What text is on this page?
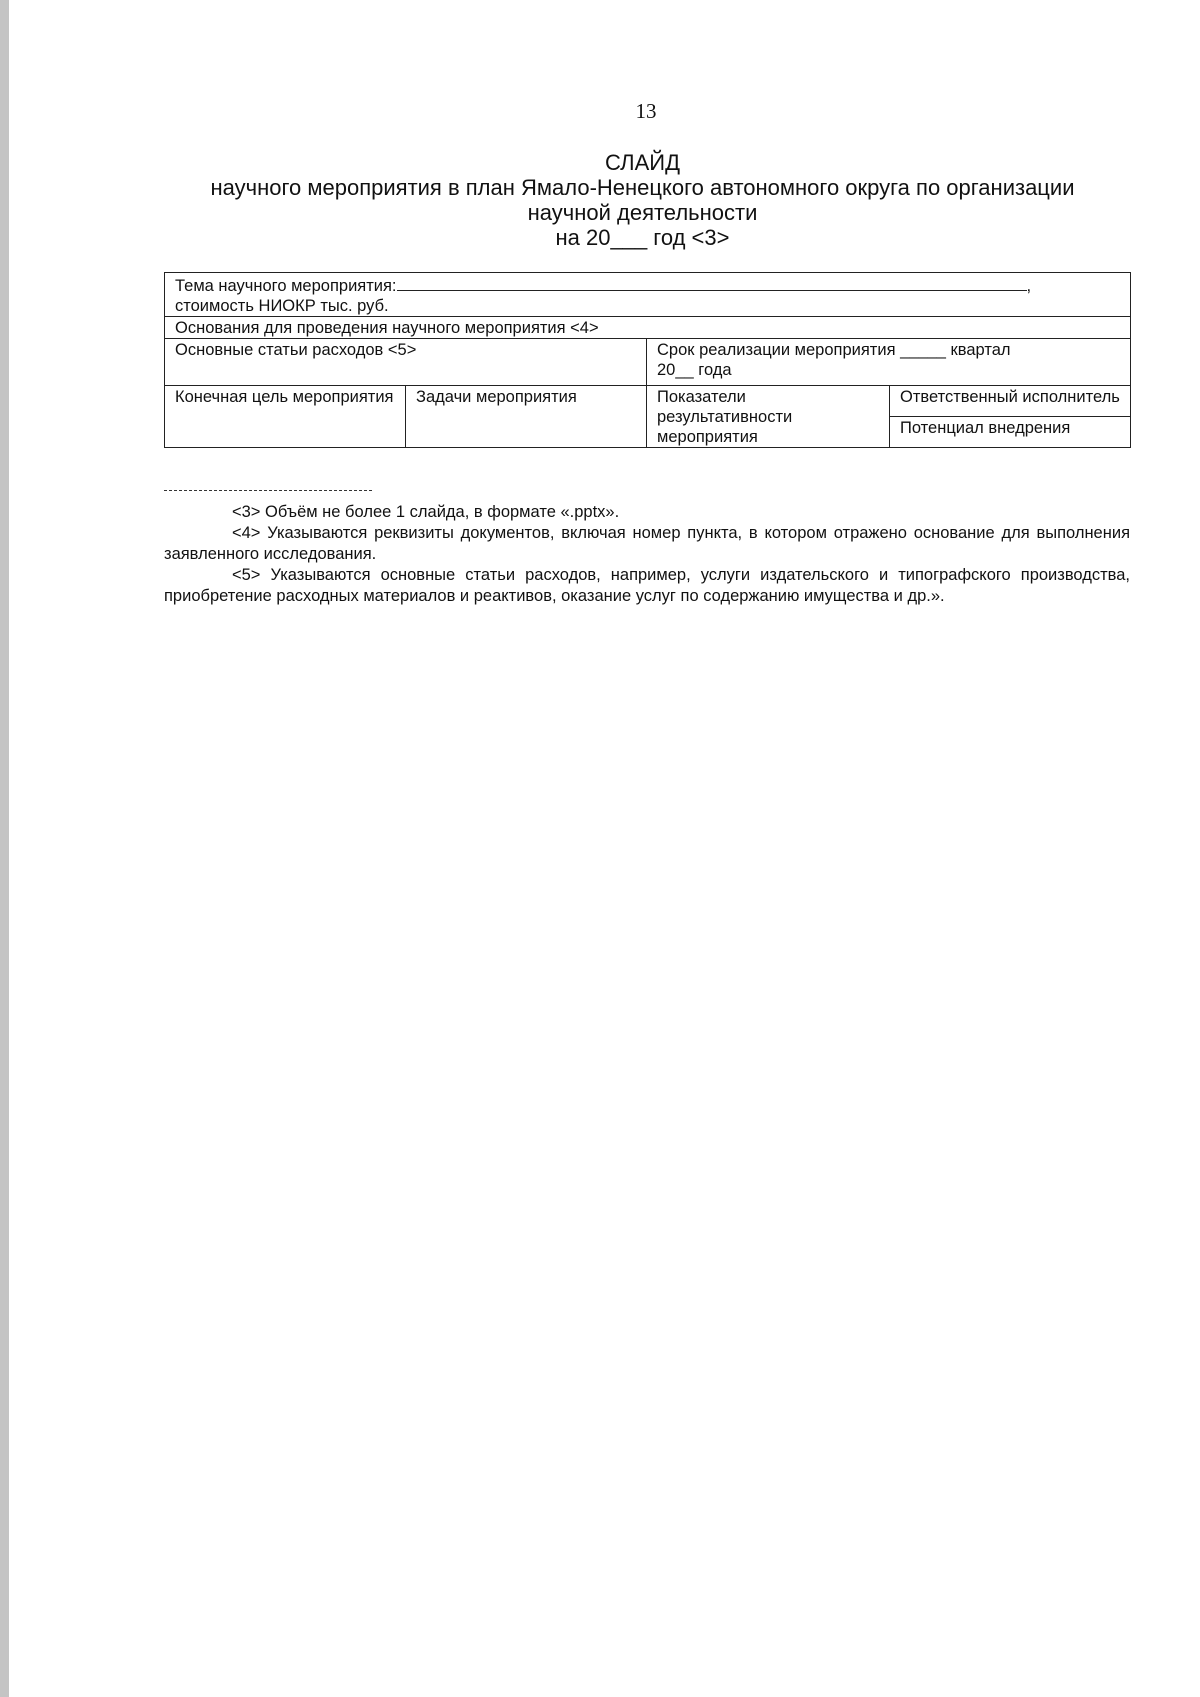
13
СЛАЙД
научного мероприятия в план Ямало-Ненецкого автономного округа по организации
научной деятельности
на 20___ год <3>
Тема научного мероприятия: ,
стоимость НИОКР тыс. руб.			

Основания для проведения научного мероприятия <4>			
Основные статьи расходов <5>		Срок реализации мероприятия _____ квартал
20__ года	

Конечная цель мероприятия	Задачи мероприятия	Показатели результативности мероприятия	Ответственный исполнитель
			Потенциал внедрения

<3> Объём не более 1 слайда, в формате «.pptx».

<4> Указываются реквизиты документов, включая номер пункта, в котором отражено основание для выполнения заявленного исследования.

<5> Указываются основные статьи расходов, например, услуги издательского и типографского производства, приобретение расходных материалов и реактивов, оказание услуг по содержанию имущества и др.».
